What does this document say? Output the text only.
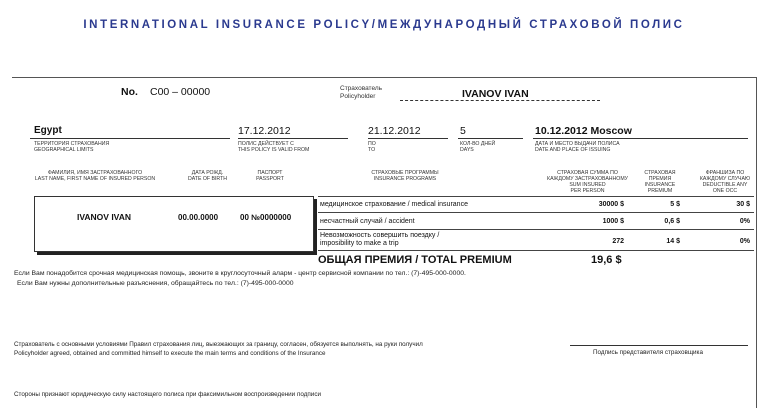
INTERNATIONAL INSURANCE POLICY/МЕЖДУНАРОДНЫЙ СТРАХОВОЙ ПОЛИС
No. C00 – 00000	Страхователь
Policyholder	IVANOV IVAN
Egypt
ТЕРРИТОРИЯ СТРАХОВАНИЯ
GEOGRAPHICAL LIMITS
17.12.2012
ПОЛИС ДЕЙСТВУЕТ С
THIS POLICY IS VALID FROM
21.12.2012
ПО
TO
5
КОЛ-ВО ДНЕЙ
DAYS
10.12.2012 Moscow
ДАТА И МЕСТО ВЫДАЧИ ПОЛИСА
DATE AND PLACE OF ISSUING
ФАМИЛИЯ, ИМЯ ЗАСТРАХОВАННОГО
LAST NAME, FIRST NAME OF INSURED PERSON
ДАТА РОЖД.
DATE OF BIRTH
ПАСПОРТ
PASSPORT
СТРАХОВЫЕ ПРОГРАММЫ
INSURANCE PROGRAMS
СТРАХОВАЯ СУММА ПО
КАЖДОМУ ЗАСТРАХОВАННОМУ
SUM INSURED
PER PERSON
СТРАХОВАЯ
ПРЕМИЯ
INSURANCE
PREMIUM
ФРАНШИЗА ПО
КАЖДОМУ СЛУЧАЮ
DEDUCTIBLE ANY
ONE OCC
IVANOV IVAN	00.00.0000	00 №0000000
медицинское страхование / medical insurance	30000 $	5 $	30 $
несчастный случай / accident	1000 $	0,6 $	0%
Невозможность совершить поездку /
imposibility to make a trip	272	14 $	0%
ОБЩАЯ ПРЕМИЯ / TOTAL PREMIUM	19,6 $
Если Вам понадобится срочная медицинская помощь, звоните в круглосуточный аларм - центр сервисной компании по тел.: (7)-495-000-0000.
Если Вам нужны дополнительные разъяснения, обращайтесь по тел.: (7)-495-000-0000
Страхователь с основными условиями Правил страхования лиц, выезжающих за границу, согласен, обязуется выполнять, на руки получил
Policyholder agreed, obtained and committed himself to execute the main terms and conditions of the Insurance	Подпись представителя страховщика
Стороны признают юридическую силу настоящего полиса при факсимильном воспроизведении подписи
